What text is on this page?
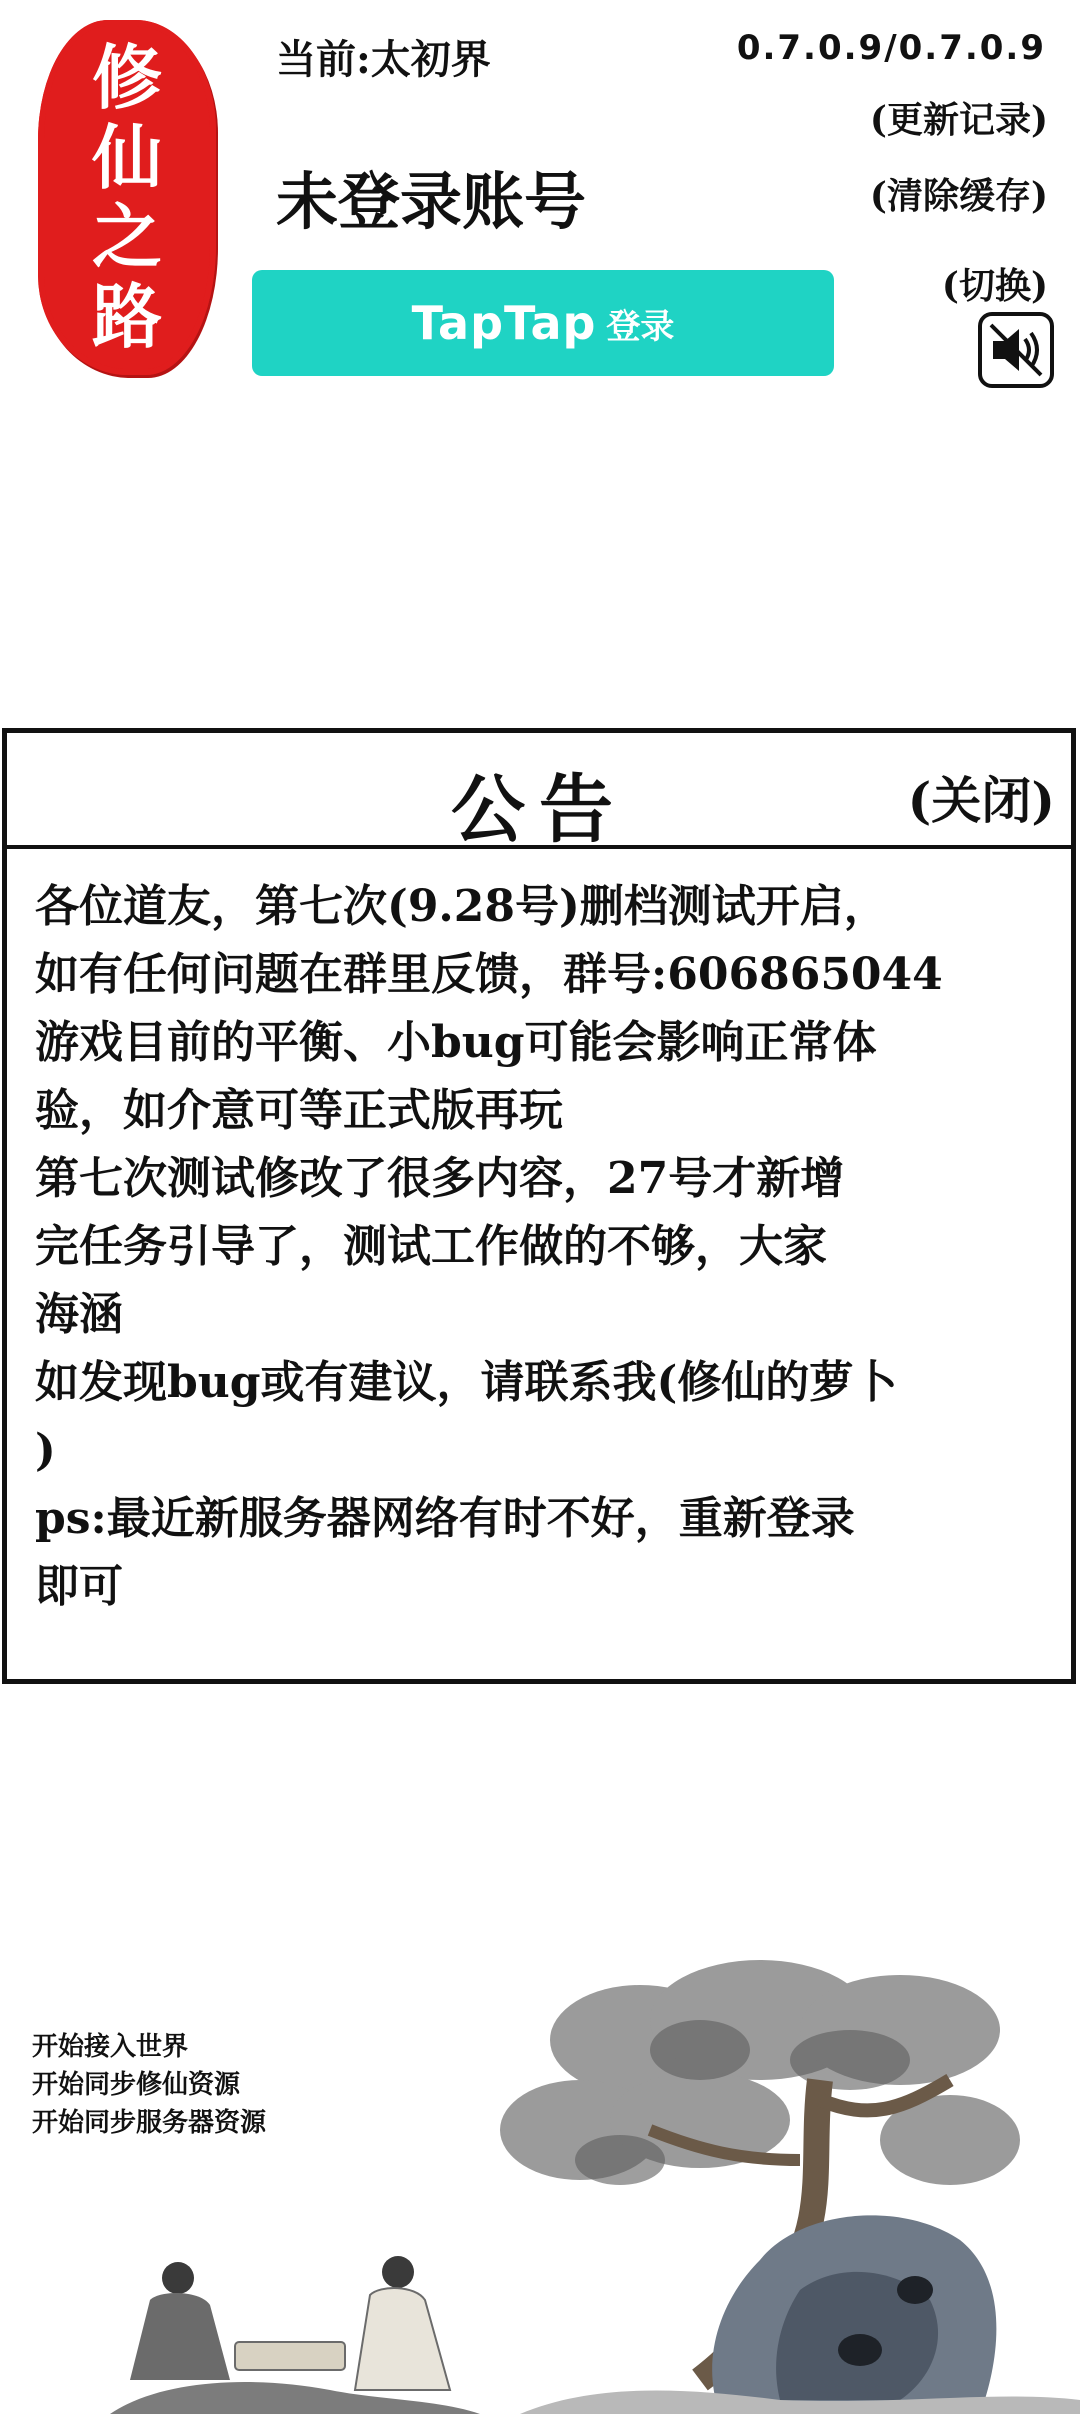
修
仙
之
路
当前:太初界
未登录账号
TapTap 登录
0.7.0.9/0.7.0.9
(更新记录)
(清除缓存)
(切换)
公告	(关闭)

各位道友，第七次(9.28号)删档测试开启，

如有任何问题在群里反馈，群号:606865044

游戏目前的平衡、小bug可能会影响正常体

验，如介意可等正式版再玩

第七次测试修改了很多内容，27号才新增

完任务引导了，测试工作做的不够，大家

海涵

如发现bug或有建议，请联系我(修仙的萝卜

)

ps:最近新服务器网络有时不好，重新登录

即可

开始接入世界
开始同步修仙资源
开始同步服务器资源
